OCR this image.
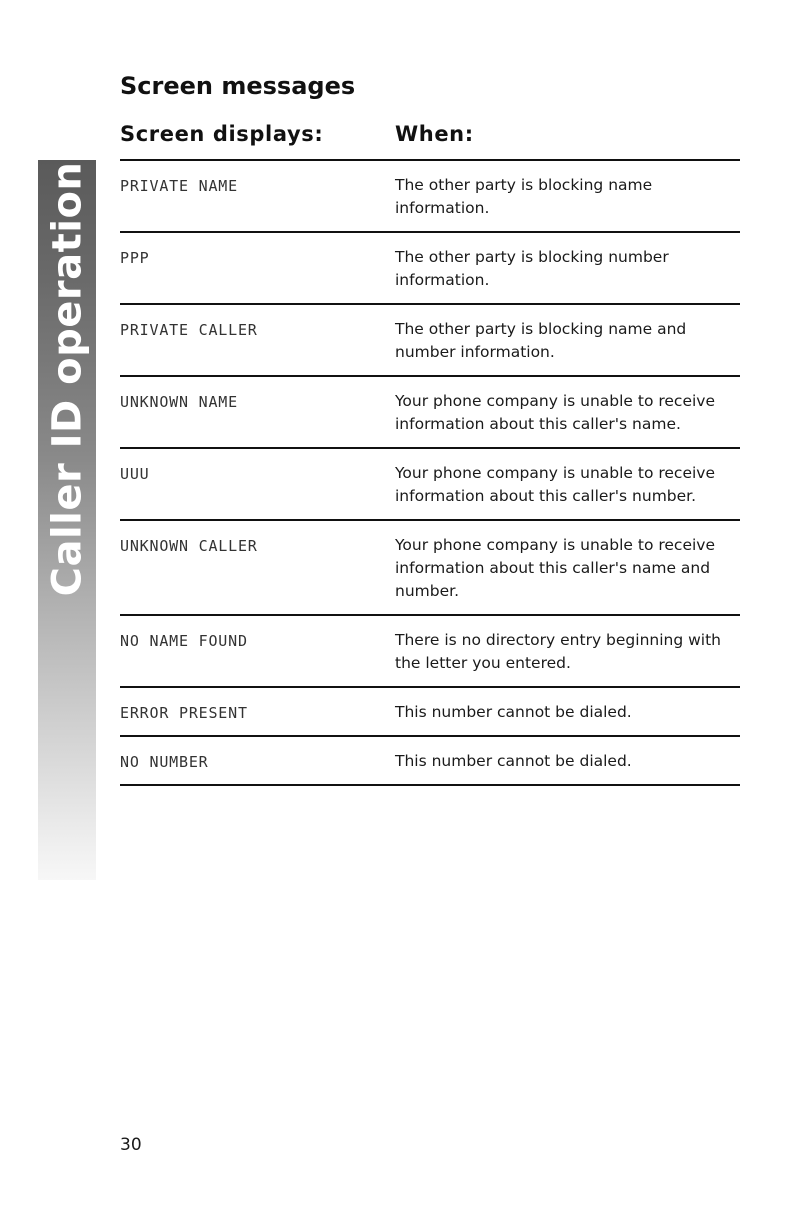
Caller ID operation
Screen messages
Screen displays:	When:
PRIVATE NAME	The other party is blocking name information.
PPP	The other party is blocking number information.
PRIVATE CALLER	The other party is blocking name and number information.
UNKNOWN NAME	Your phone company is unable to receive information about this caller's name.
UUU	Your phone company is unable to receive information about this caller's number.
UNKNOWN CALLER	Your phone company is unable to receive information about this caller's name and number.
NO NAME FOUND	There is no directory entry beginning with the letter you entered.
ERROR PRESENT	This number cannot be dialed.
NO NUMBER	This number cannot be dialed.
30
